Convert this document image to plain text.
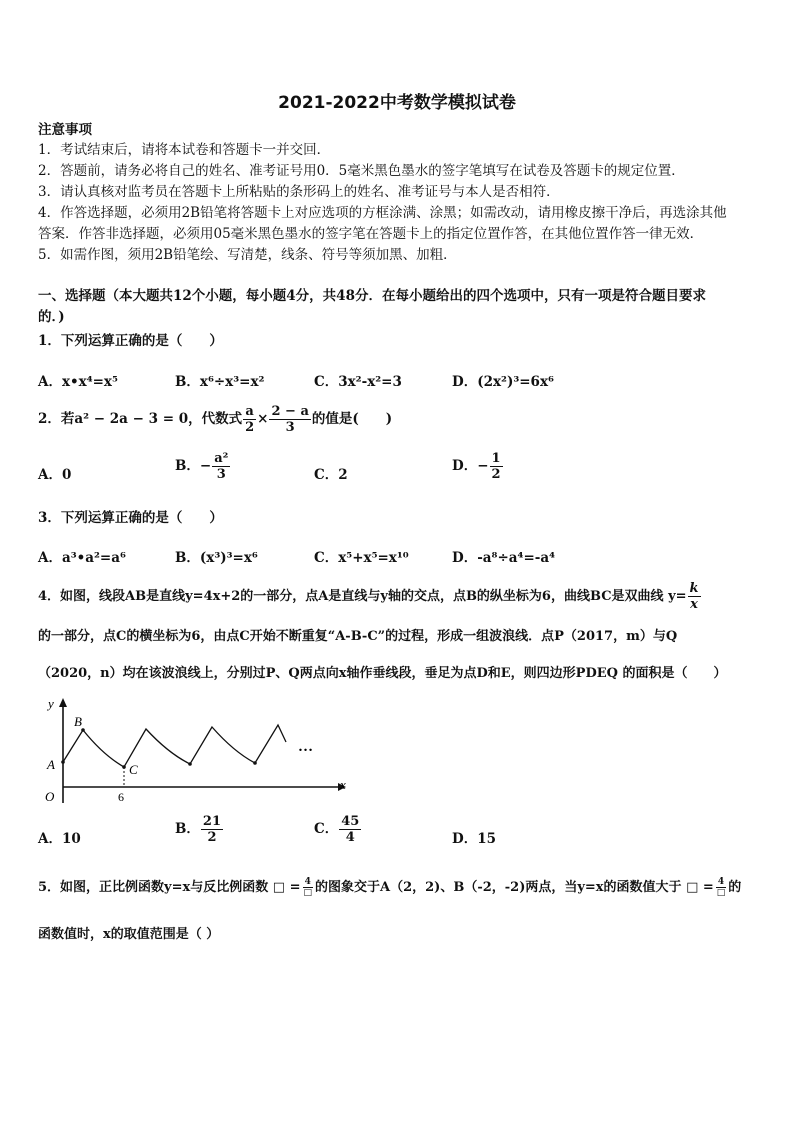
2021-2022中考数学模拟试卷
注意事项
1．考试结束后，请将本试卷和答题卡一并交回．
2．答题前，请务必将自己的姓名、准考证号用0．5毫米黑色墨水的签字笔填写在试卷及答题卡的规定位置．
3．请认真核对监考员在答题卡上所粘贴的条形码上的姓名、准考证号与本人是否相符．
4．作答选择题，必须用2B铅笔将答题卡上对应选项的方框涂满、涂黑；如需改动，请用橡皮擦干净后，再选涂其他
答案．作答非选择题，必须用05毫米黑色墨水的签字笔在答题卡上的指定位置作答，在其他位置作答一律无效．
5．如需作图，须用2B铅笔绘、写清楚，线条、符号等须加黑、加粗．
一、选择题（本大题共12个小题，每小题4分，共48分．在每小题给出的四个选项中，只有一项是符合题目要求
的．)
1．下列运算正确的是（　　）
A．x•x⁴=x⁵	B．x⁶÷x³=x²	C．3x²-x²=3	D．(2x²)³=6x⁶
2．若a² − 2a − 3 = 0，代数式 $\frac{a}{2} \times \frac{2 - a}{3}$ 的值是(　　)
A．0
B．− $\frac{\text{a²}}{3}$	C．2
D．− $\frac{1}{2}$
3．下列运算正确的是（　　）
A．a³•a²=a⁶	B．(x³)³=x⁶	C．x⁵+x⁵=x¹⁰	D．-a⁸÷a⁴=-a⁴
4．如图，线段AB是直线y=4x+2的一部分，点A是直线与y轴的交点，点B的纵坐标为6，曲线BC是双曲线 $y= \frac{k}{x}$
的一部分，点C的横坐标为6，由点C开始不断重复“A-B-C”的过程，形成一组波浪线．点P（2017，m）与Q
（2020，n）均在该波浪线上，分别过P、Q两点向x轴作垂线段，垂足为点D和E，则四边形PDEQ 的面积是（　　）
y
x
O
A
B
C
6
…
A．10
B． $\frac{21}{2}$	C． $\frac{45}{4}$	D．15
5．如图，正比例函数y=x与反比例函数 □ = $\frac{4}{□}$ 的图象交于A（2，2)、B（-2，-2)两点，当y=x的函数值大于 □ = $\frac{4}{□}$ 的
函数值时，x的取值范围是（ ）
